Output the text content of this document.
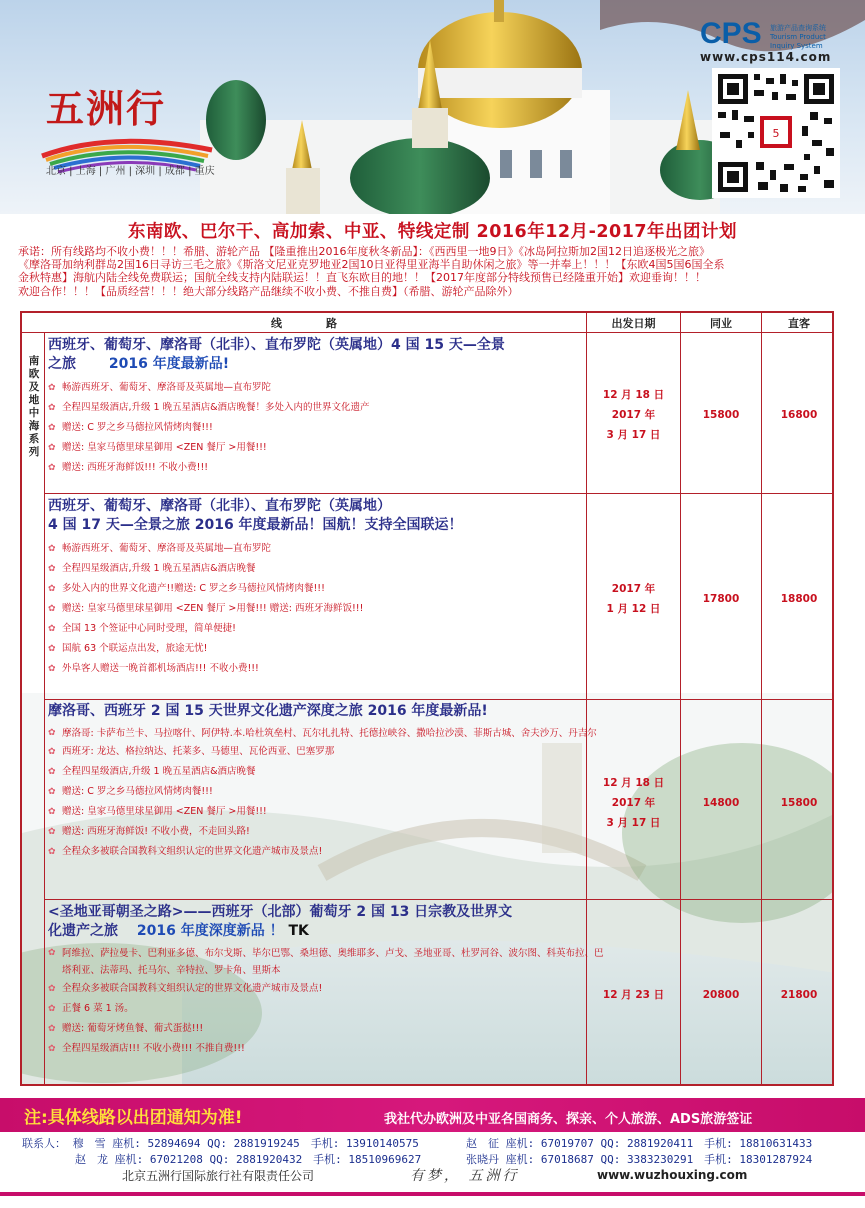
五洲行
北京 | 上海 | 广州 | 深圳 | 成都 | 重庆
CPS	旅游产品查询系统
Tourism Product Inquiry System
www.cps114.com
5
东南欧、巴尔干、高加索、中亚、特线定制 2016年12月-2017年出团计划
承诺：所有线路均不收小费！！！希腊、游轮产品 【隆重推出2016年度秋冬新品】：《西西里一地9日》《冰岛阿拉斯加2国12日追逐极光之旅》
《摩洛哥加纳利群岛2国16日寻访三毛之旅》《斯洛文尼亚克罗地亚2国10日亚得里亚海半自助休闲之旅》等一并奉上！！！【东欧4国5国6国全系
金秋特惠】海航内陆全线免费联运；国航全线支持内陆联运！！直飞东欧目的地！！【2017年度部分特线预售已经隆重开始】欢迎垂询！！！
欢迎合作！！！【品质经营！！！绝大部分线路产品继续不收小费、不推自费】（希腊、游轮产品除外）
线　　　　路	出发日期	同业	直客
南欧及地中海系列
西班牙、葡萄牙、摩洛哥（北非）、直布罗陀（英属地）4 国 15 天—全景
之旅　　 2016 年度最新品!
✿ 畅游西班牙、葡萄牙、摩洛哥及英属地—直布罗陀
✿ 全程四星级酒店,升级 1 晚五星酒店&酒店晚餐！多处入内的世界文化遗产
✿ 赠送: C 罗之乡马德拉风情烤肉餐!!!
✿ 赠送: 皇家马德里球星御用 <ZEN 餐厅 >用餐!!!
✿ 赠送: 西班牙海鲜饭!!! 不收小费!!!
12 月 18 日
2017 年
3 月 17 日
15800	16800
西班牙、葡萄牙、摩洛哥（北非）、直布罗陀（英属地）
4 国 17 天—全景之旅 2016 年度最新品！国航！支持全国联运！
✿ 畅游西班牙、葡萄牙、摩洛哥及英属地—直布罗陀
✿ 全程四星级酒店,升级 1 晚五星酒店&酒店晚餐
✿ 多处入内的世界文化遗产!!赠送: C 罗之乡马德拉风情烤肉餐!!!
✿ 赠送: 皇家马德里球星御用 <ZEN 餐厅 >用餐!!! 赠送: 西班牙海鲜饭!!!
✿ 全国 13 个签证中心同时受理，简单便捷!
✿ 国航 63 个联运点出发，旅途无忧!
✿ 外阜客人赠送一晚首都机场酒店!!! 不收小费!!!
2017 年
1 月 12 日
17800	18800
摩洛哥、西班牙 2 国 15 天世界文化遗产深度之旅 2016 年度最新品!
✿ 摩洛哥: 卡萨布兰卡、马拉喀什、阿伊特.本.哈杜筑垒村、瓦尔扎扎特、托德拉峡谷、撒哈拉沙漠、菲斯古城、舍夫沙万、丹吉尔
✿ 西班牙: 龙达、格拉纳达、托莱多、马德里、瓦伦西亚、巴塞罗那
✿ 全程四星级酒店,升级 1 晚五星酒店&酒店晚餐
✿ 赠送: C 罗之乡马德拉风情烤肉餐!!!
✿ 赠送: 皇家马德里球星御用 <ZEN 餐厅 >用餐!!!
✿ 赠送: 西班牙海鲜饭! 不收小费，不走回头路!
✿ 全程众多被联合国教科文组织认定的世界文化遗产城市及景点!
12 月 18 日
2017 年
3 月 17 日
14800	15800
<圣地亚哥朝圣之路>——西班牙（北部）葡萄牙 2 国 13 日宗教及世界文
化遗产之旅　 2016 年度深度新品 ！ TK
✿ 阿维拉、萨拉曼卡、巴利亚多德、布尔戈斯、毕尔巴鄂、桑坦德、奥维耶多、卢戈、圣地亚哥、杜罗河谷、波尔图、科英布拉、巴塔利亚、法蒂玛、托马尔、辛特拉、罗卡角、里斯本
✿ 全程众多被联合国教科文组织认定的世界文化遗产城市及景点!
✿ 正餐 6 菜 1 汤。
✿ 赠送: 葡萄牙烤鱼餐、葡式蛋挞!!!
✿ 全程四星级酒店!!! 不收小费!!! 不推自费!!!
12 月 23 日	20800	21800
注:具体线路以出团通知为准!	我社代办欧洲及中亚各国商务、探亲、个人旅游、ADS旅游签证
联系人： 穆　雪 座机: 52894694 QQ: 2881919245　手机: 13910140575	赵　征 座机: 67019707 QQ: 2881920411　手机: 18810631433
赵　龙 座机: 67021208 QQ: 2881920432　手机: 18510969627	张晓丹 座机: 67018687 QQ: 3383230291　手机: 18301287924
北京五洲行国际旅行社有限责任公司	有梦， 五洲行	www.wuzhouxing.com
